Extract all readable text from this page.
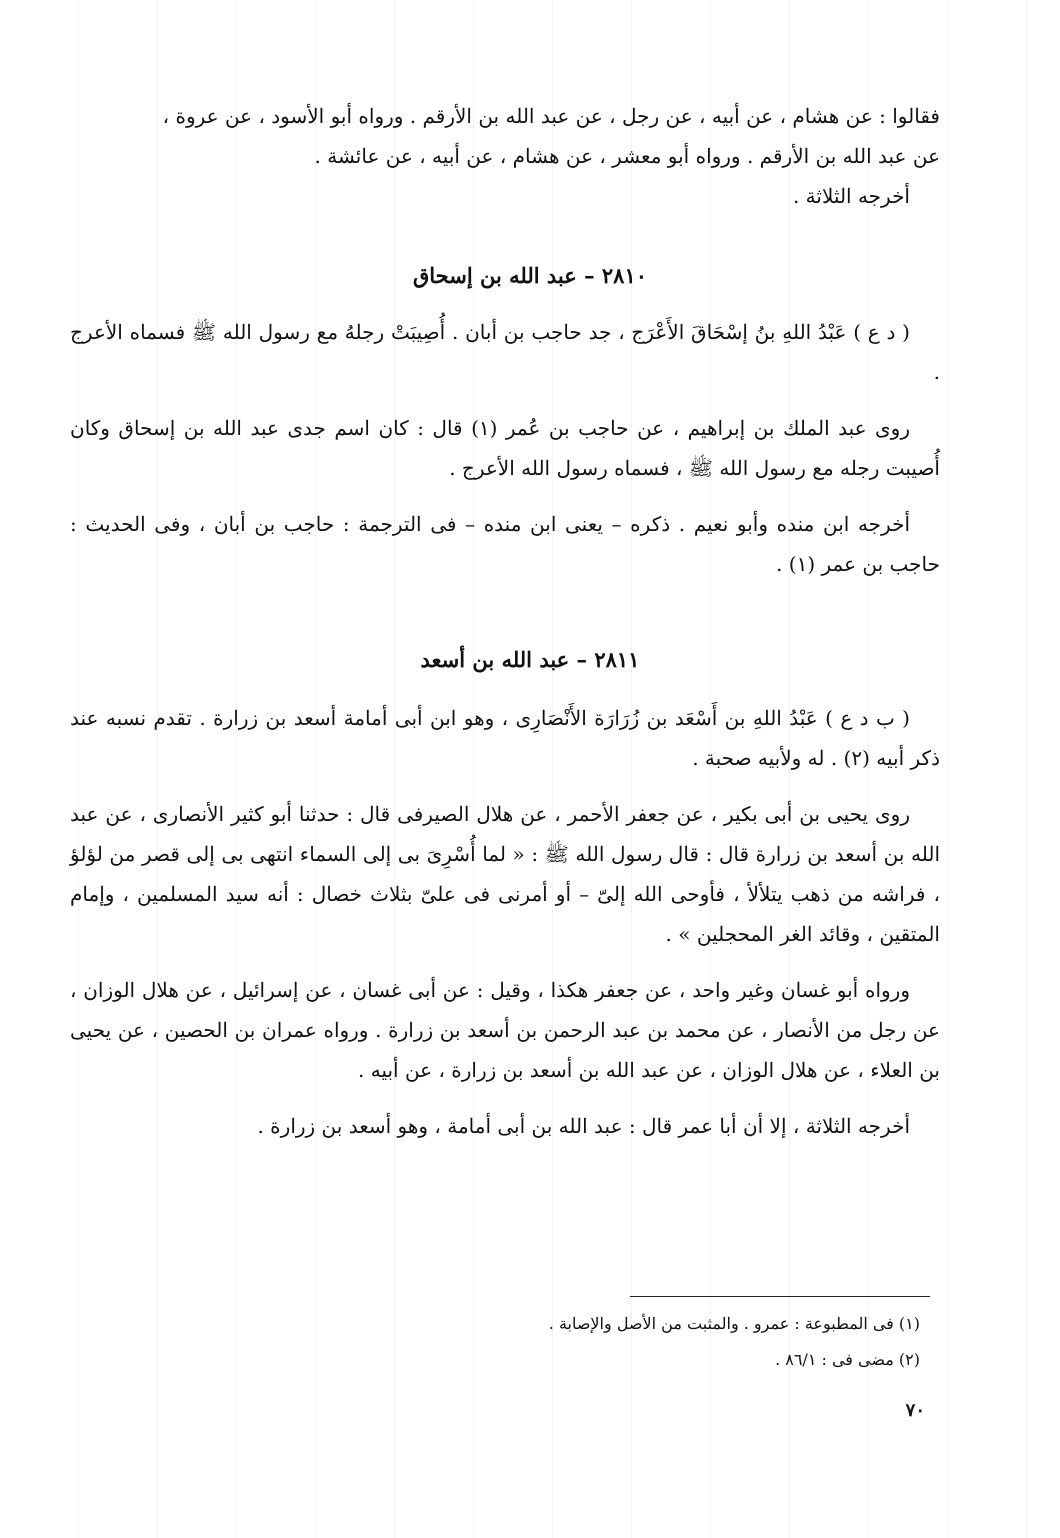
فقالوا : عن هشام ، عن أبيه ، عن رجل ، عن عبد الله بن الأرقم . ورواه أبو الأسود ، عن عروة ،
عن عبد الله بن الأرقم . ورواه أبو معشر ، عن هشام ، عن أبيه ، عن عائشة .
أخرجه الثلاثة .
٢٨١٠ – عبد الله بن إسحاق
( د ع ) عَبْدُ اللهِ بنُ إسْحَاقَ الأَعْرَج ، جد حاجب بن أبان . أُصِيبَتْ رجلهُ مع رسول الله ﷺ فسماه الأعرج .
روى عبد الملك بن إبراهيم ، عن حاجب بن عُمر (١) قال : كان اسم جدى عبد الله بن إسحاق وكان أُصيبت رجله مع رسول الله ﷺ ، فسماه رسول الله الأعرج .
أخرجه ابن منده وأبو نعيم . ذكره – يعنى ابن منده – فى الترجمة : حاجب بن أبان ، وفى الحديث : حاجب بن عمر (١) .
٢٨١١ – عبد الله بن أسعد
( ب د ع ) عَبْدُ اللهِ بن أَسْعَد بن زُرَارَة الأَنْصَارِى ، وهو ابن أبى أمامة أسعد بن زرارة . تقدم نسبه عند ذكر أبيه (٢) . له ولأبيه صحبة .
روى يحيى بن أبى بكير ، عن جعفر الأحمر ، عن هلال الصيرفى قال : حدثنا أبو كثير الأنصارى ، عن عبد الله بن أسعد بن زرارة قال : قال رسول الله ﷺ : « لما أُسْرِىَ بى إلى السماء انتهى بى إلى قصر من لؤلؤ ، فراشه من ذهب يتلألأ ، فأوحى الله إلىّ – أو أمرنى فى علىّ بثلاث خصال : أنه سيد المسلمين ، وإمام المتقين ، وقائد الغر المحجلين » .
ورواه أبو غسان وغير واحد ، عن جعفر هكذا ، وقيل : عن أبى غسان ، عن إسرائيل ، عن هلال الوزان ، عن رجل من الأنصار ، عن محمد بن عبد الرحمن بن أسعد بن زرارة . ورواه عمران بن الحصين ، عن يحيى بن العلاء ، عن هلال الوزان ، عن عبد الله بن أسعد بن زرارة ، عن أبيه .
أخرجه الثلاثة ، إلا أن أبا عمر قال : عبد الله بن أبى أمامة ، وهو أسعد بن زرارة .
(١) فى المطبوعة : عمرو . والمثبت من الأصل والإصابة .
(٢) مضى فى : ٨٦/١ .
٧٠
